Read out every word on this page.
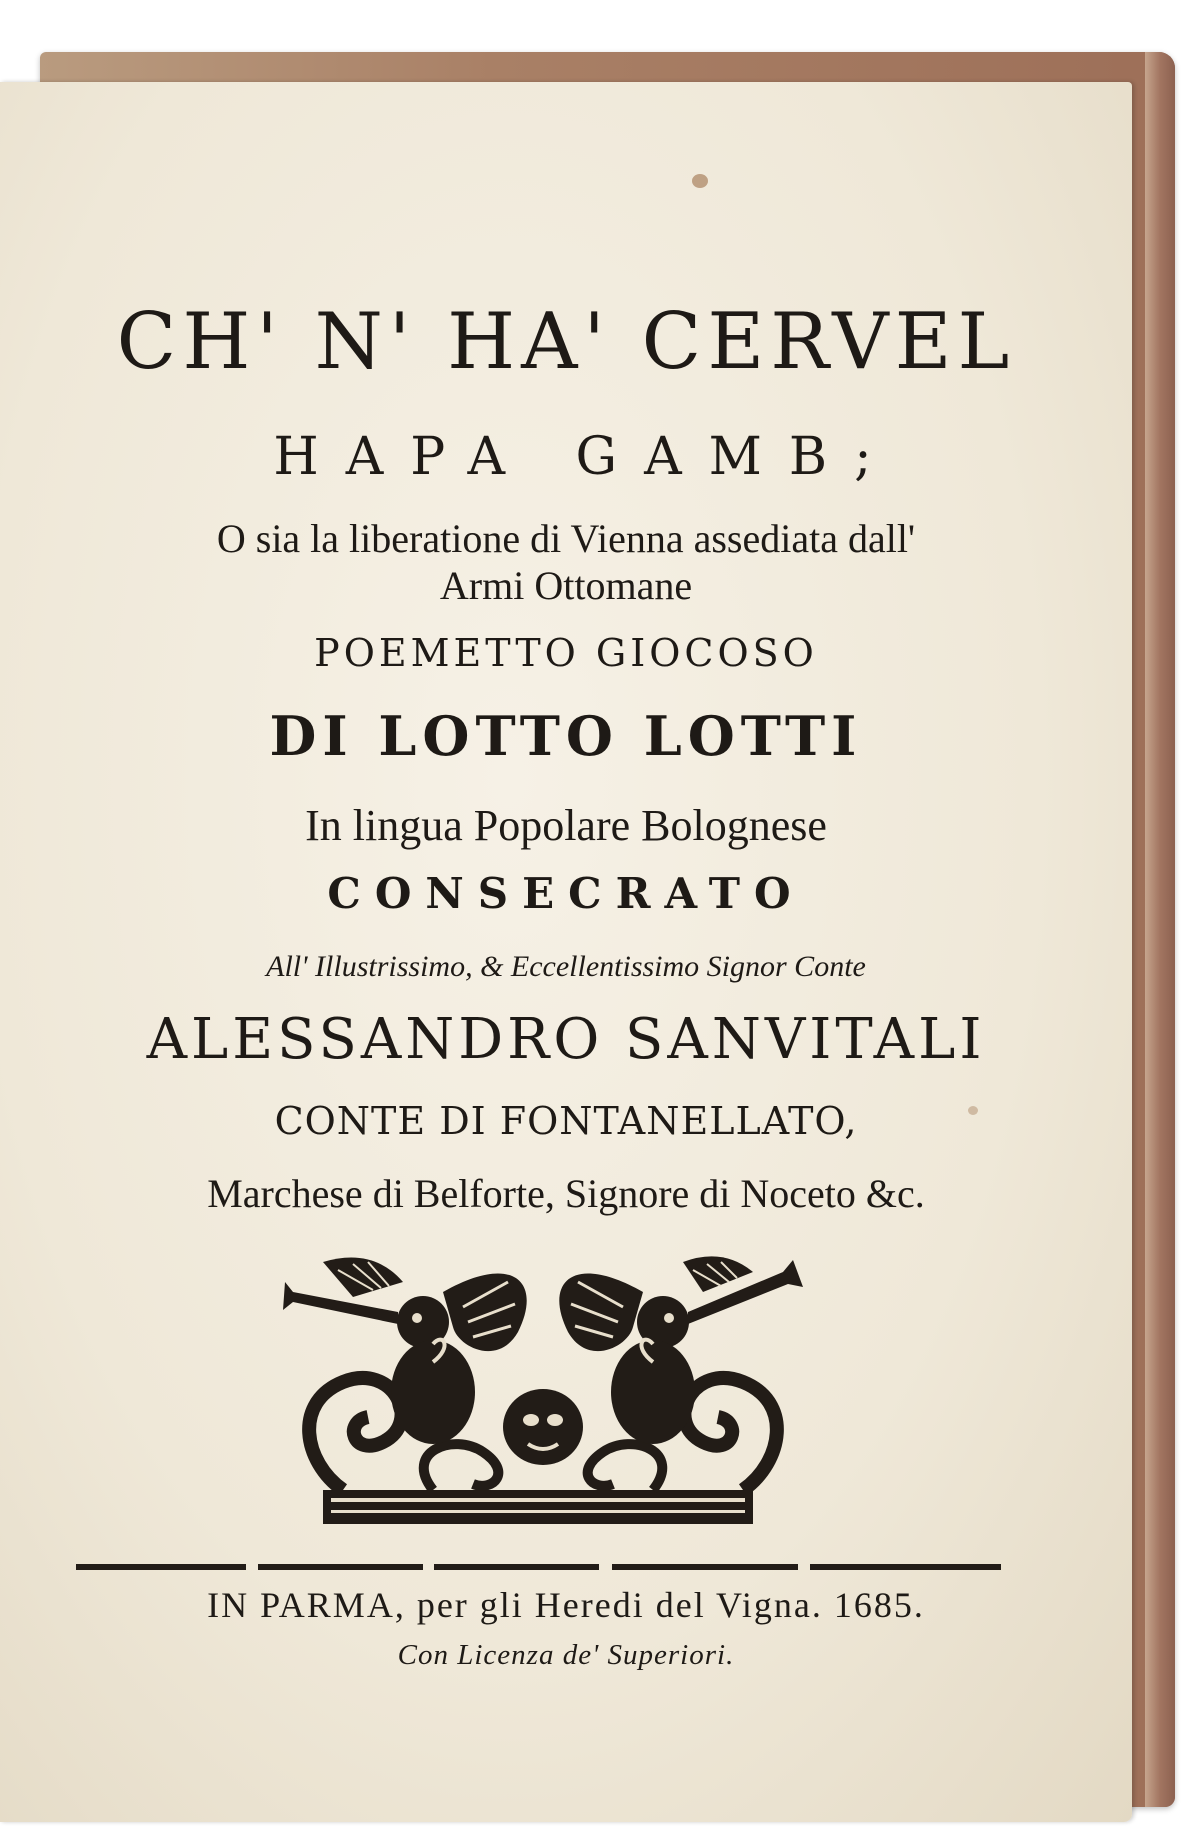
CH' N' HA' CERVEL
HAPA GAMB;
O sia la liberatione di Vienna assediata dall'
Armi Ottomane
POEMETTO GIOCOSO
DI LOTTO LOTTI
In lingua Popolare Bolognese
CONSECRATO
All' Illustrissimo, & Eccellentissimo Signor Conte
ALESSANDRO SANVITALI
CONTE DI FONTANELLATO,
Marchese di Belforte, Signore di Noceto &c.
IN PARMA, per gli Heredi del Vigna. 1685.
Con Licenza de' Superiori.
